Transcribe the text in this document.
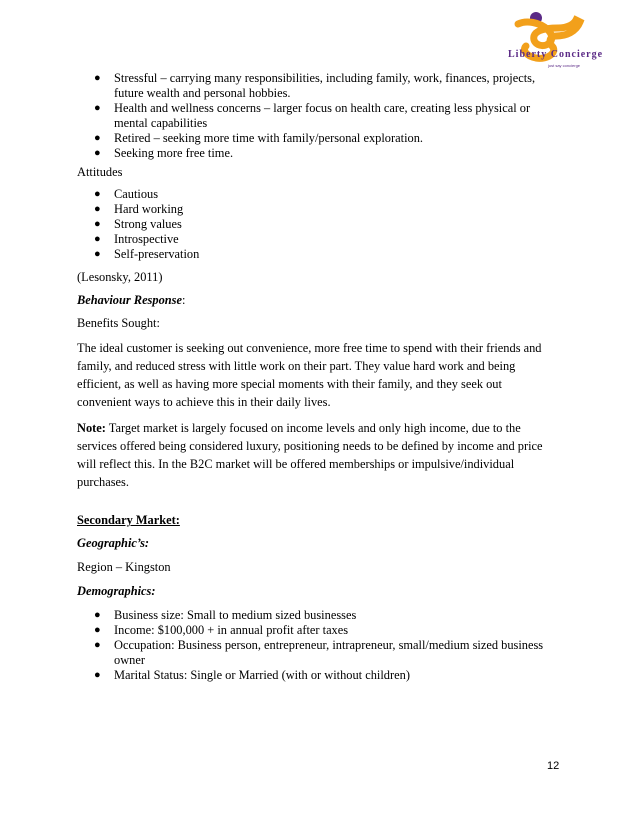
Liberty Concierge
just say concierge
● Stressful – carrying many responsibilities, including family, work, finances, projects, future wealth and personal hobbies.
● Health and wellness concerns – larger focus on health care, creating less physical or mental capabilities
● Retired – seeking more time with family/personal exploration.
● Seeking more free time.

Attitudes

● Cautious
● Hard working
● Strong values
● Introspective
● Self-preservation

(Lesonsky, 2011)

Behaviour Response:

Benefits Sought:

The ideal customer is seeking out convenience, more free time to spend with their friends and family, and reduced stress with little work on their part. They value hard work and being efficient, as well as having more special moments with their family, and they seek out convenient ways to achieve this in their daily lives.

Note: Target market is largely focused on income levels and only high income, due to the services offered being considered luxury, positioning needs to be defined by income and price will reflect this. In the B2C market will be offered memberships or impulsive/individual purchases.

Secondary Market:

Geographic’s:

Region – Kingston

Demographics:

● Business size: Small to medium sized businesses
● Income: $100,000 + in annual profit after taxes
● Occupation: Business person, entrepreneur, intrapreneur, small/medium sized business owner
● Marital Status: Single or Married (with or without children)
12
